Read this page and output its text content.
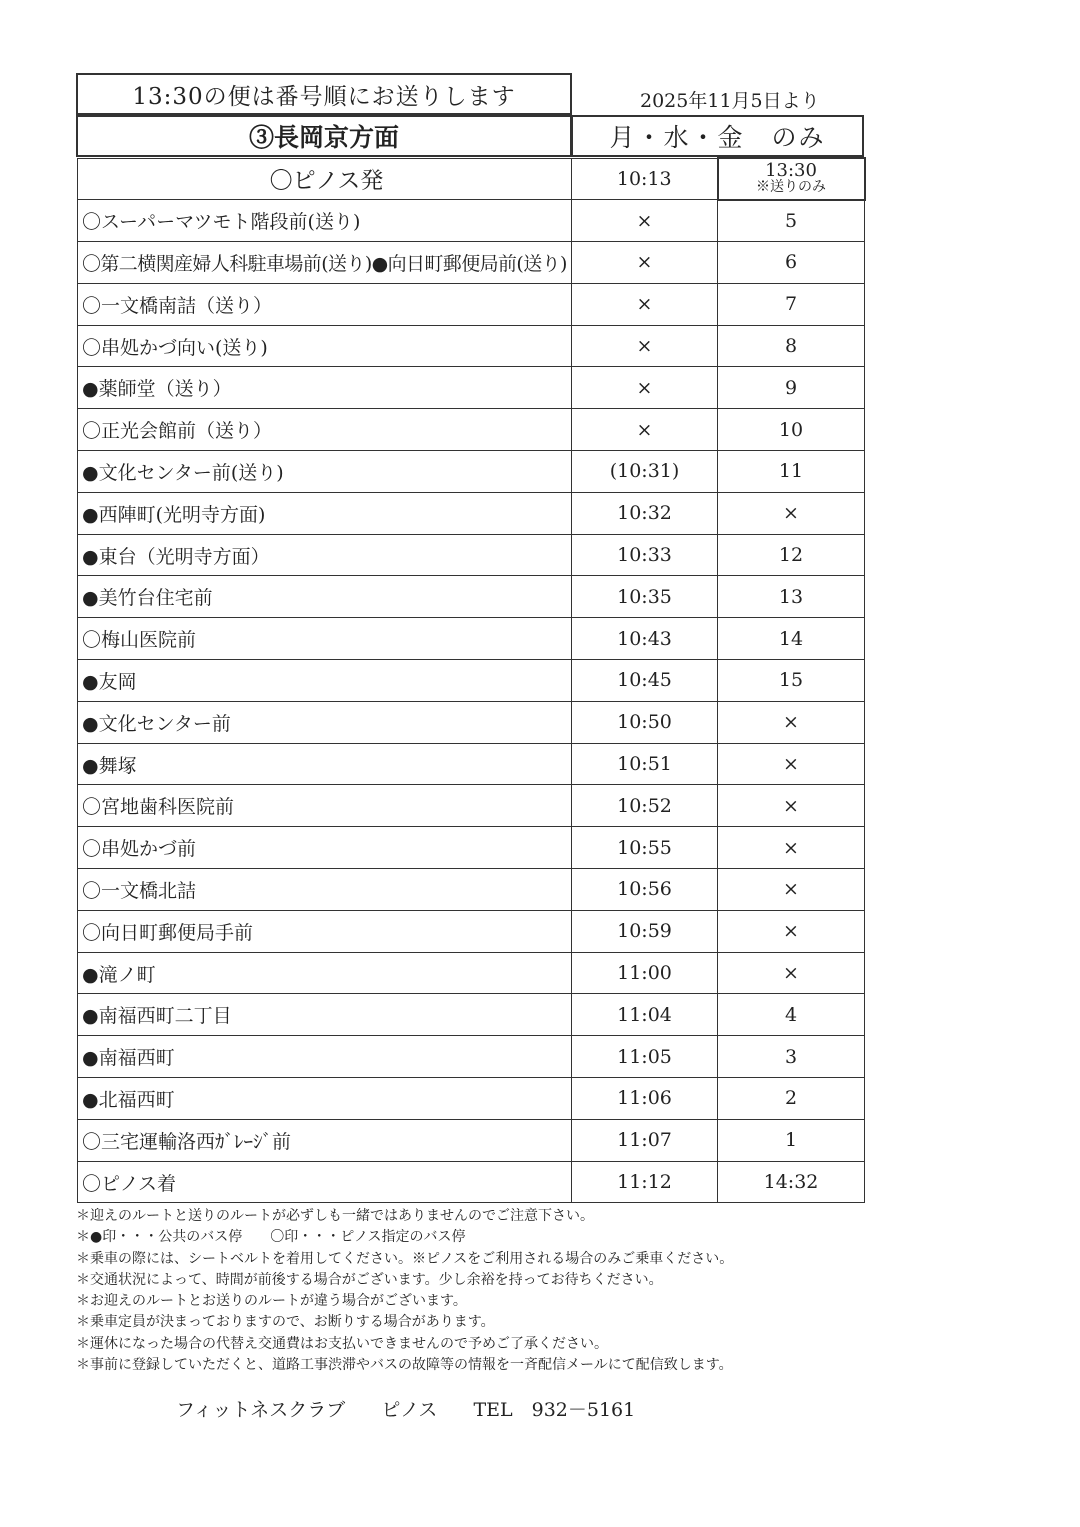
13:30の便は番号順にお送りします	2025年11月5日より
③長岡京方面	月・水・金　のみ
〇ピノス発	10:13	13:30
※送りのみ

〇スーパーマツモト階段前(送り)	×	5
〇第二横関産婦人科駐車場前(送り)●向日町郵便局前(送り)	×	6
〇一文橋南詰（送り）	×	7
〇串処かづ向い(送り)	×	8
●薬師堂（送り）	×	9
〇正光会館前（送り）	×	10
●文化センター前(送り)	(10:31)	11
●西陣町(光明寺方面)	10:32	×
●東台（光明寺方面）	10:33	12
●美竹台住宅前	10:35	13
〇梅山医院前	10:43	14
●友岡	10:45	15
●文化センター前	10:50	×
●舞塚	10:51	×
〇宮地歯科医院前	10:52	×
〇串処かづ前	10:55	×
〇一文橋北詰	10:56	×
〇向日町郵便局手前	10:59	×
●滝ノ町	11:00	×
●南福西町二丁目	11:04	4
●南福西町	11:05	3
●北福西町	11:06	2
〇三宅運輸洛西ｶﾞﾚｰｼﾞ前	11:07	1
〇ピノス着	11:12	14:32
＊迎えのルートと送りのルートが必ずしも一緒ではありませんのでご注意下さい。
＊●印・・・公共のバス停　　〇印・・・ピノス指定のバス停
＊乗車の際には、シートベルトを着用してください。※ピノスをご利用される場合のみご乗車ください。
＊交通状況によって、時間が前後する場合がございます。少し余裕を持ってお待ちください。
＊お迎えのルートとお送りのルートが違う場合がございます。
＊乗車定員が決まっておりますので、お断りする場合があります。
＊運休になった場合の代替え交通費はお支払いできませんので予めご了承ください。
＊事前に登録していただくと、道路工事渋滞やバスの故障等の情報を一斉配信メールにて配信致します。
フィットネスクラブ ピノス TEL　932－5161
